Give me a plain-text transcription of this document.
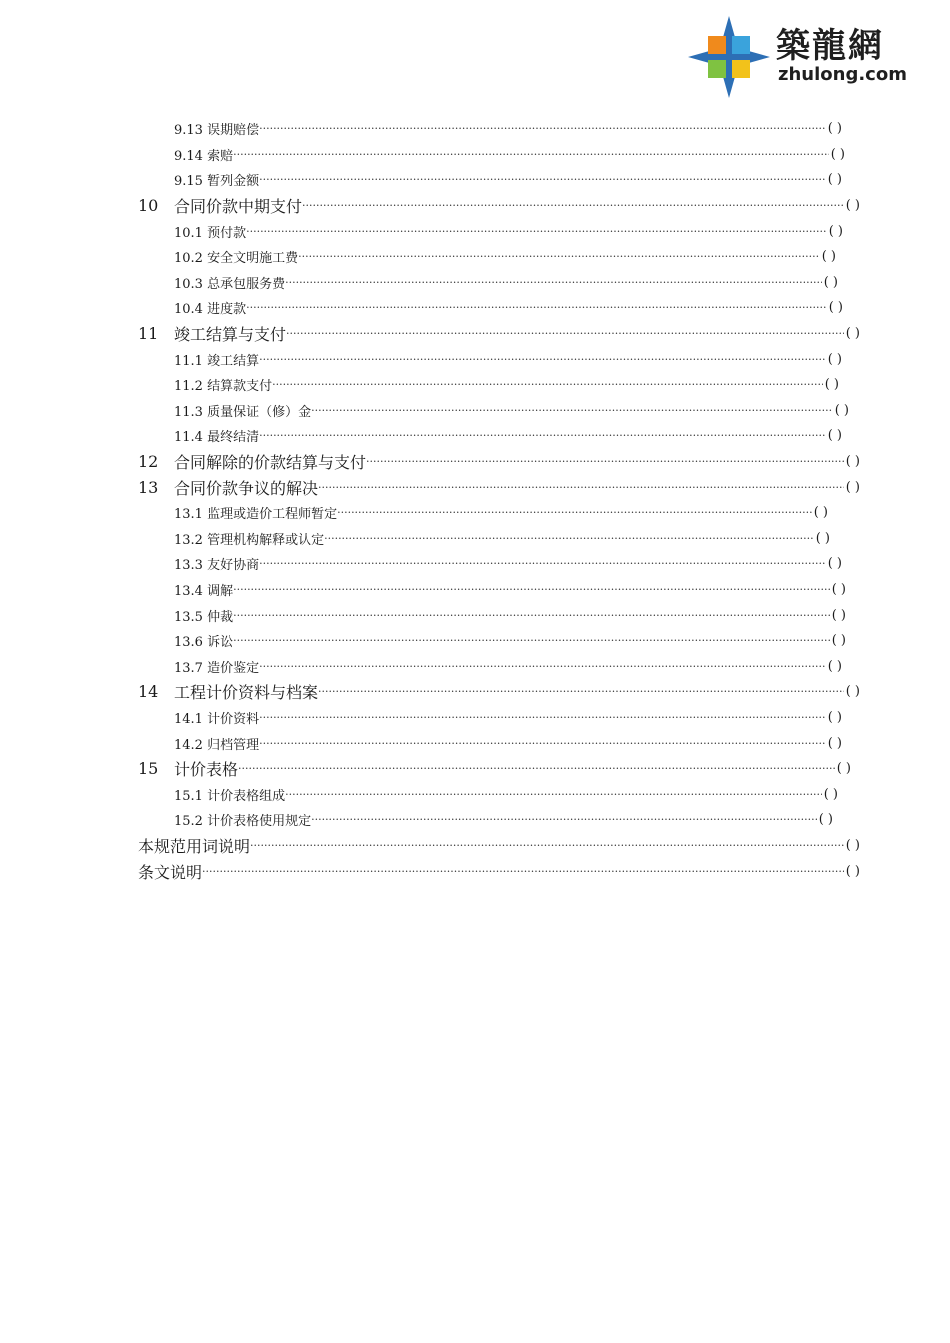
築龍網
zhulong.com
9.13 误期赔偿 ·····	( )
9.14 索赔 ·····	( )
9.15 暂列金额 ·····	( )
10 合同价款中期支付 ·····	( )
10.1 预付款 ·····	( )
10.2 安全文明施工费 ·····	( )
10.3 总承包服务费 ·····	( )
10.4 进度款 ·····	( )
11 竣工结算与支付 ·····	( )
11.1 竣工结算 ·····	( )
11.2 结算款支付 ·····	( )
11.3 质量保证（修）金 ·····	( )
11.4 最终结清 ·····	( )
12 合同解除的价款结算与支付 ·····	( )
13 合同价款争议的解决 ·····	( )
13.1 监理或造价工程师暂定 ·····	( )
13.2 管理机构解释或认定 ·····	( )
13.3 友好协商 ·····	( )
13.4 调解 ·····	( )
13.5 仲裁 ·····	( )
13.6 诉讼 ·····	( )
13.7 造价鉴定 ·····	( )
14 工程计价资料与档案 ·····	( )
14.1 计价资料 ·····	( )
14.2 归档管理 ·····	( )
15 计价表格 ·····	( )
15.1 计价表格组成 ·····	( )
15.2 计价表格使用规定 ·····	( )
本规范用词说明 ·····	( )
条文说明 ·····	( )
